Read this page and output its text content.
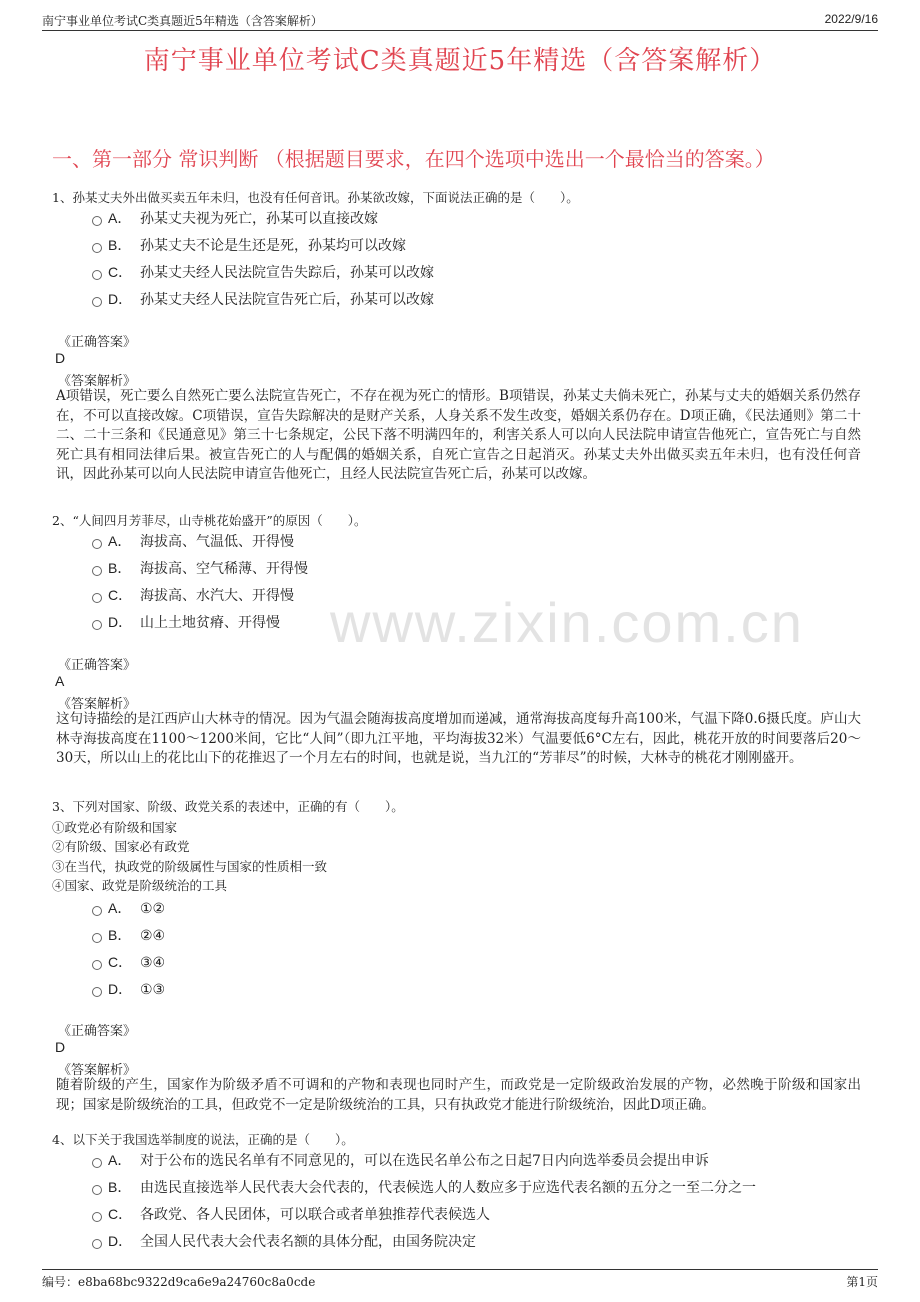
南宁事业单位考试C类真题近5年精选（含答案解析）	2022/9/16
南宁事业单位考试C类真题近5年精选（含答案解析）
一、第一部分 常识判断 （根据题目要求，在四个选项中选出一个最恰当的答案。）
www.zixin.com.cn
1、孙某丈夫外出做买卖五年未归，也没有任何音讯。孙某欲改嫁，下面说法正确的是（　　）。
A． 孙某丈夫视为死亡，孙某可以直接改嫁
B． 孙某丈夫不论是生还是死，孙某均可以改嫁
C． 孙某丈夫经人民法院宣告失踪后，孙某可以改嫁
D． 孙某丈夫经人民法院宣告死亡后，孙某可以改嫁
《正确答案》
D
《答案解析》
A项错误，死亡要么自然死亡要么法院宣告死亡，不存在视为死亡的情形。B项错误，孙某丈夫倘未死亡，孙某与丈夫的婚姻关系仍然存在，不可以直接改嫁。C项错误，宣告失踪解决的是财产关系，人身关系不发生改变，婚姻关系仍存在。D项正确，《民法通则》第二十二、二十三条和《民通意见》第三十七条规定，公民下落不明满四年的，利害关系人可以向人民法院申请宣告他死亡，宣告死亡与自然死亡具有相同法律后果。被宣告死亡的人与配偶的婚姻关系，自死亡宣告之日起消灭。孙某丈夫外出做买卖五年未归，也有没任何音讯，因此孙某可以向人民法院申请宣告他死亡，且经人民法院宣告死亡后，孙某可以改嫁。
2、“人间四月芳菲尽，山寺桃花始盛开”的原因（　　）。
A． 海拔高、气温低、开得慢
B． 海拔高、空气稀薄、开得慢
C． 海拔高、水汽大、开得慢
D． 山上土地贫瘠、开得慢
《正确答案》
A
《答案解析》
这句诗描绘的是江西庐山大林寺的情况。因为气温会随海拔高度增加而递减，通常海拔高度每升高100米，气温下降0.6摄氏度。庐山大林寺海拔高度在1100～1200米间，它比“人间”（即九江平地，平均海拔32米）气温要低6°C左右，因此，桃花开放的时间要落后20～30天，所以山上的花比山下的花推迟了一个月左右的时间，也就是说，当九江的“芳菲尽”的时候，大林寺的桃花才刚刚盛开。
3、下列对国家、阶级、政党关系的表述中，正确的有（　　）。
①政党必有阶级和国家
②有阶级、国家必有政党
③在当代，执政党的阶级属性与国家的性质相一致
④国家、政党是阶级统治的工具
A． ①②
B． ②④
C． ③④
D． ①③
《正确答案》
D
《答案解析》
随着阶级的产生，国家作为阶级矛盾不可调和的产物和表现也同时产生，而政党是一定阶级政治发展的产物，必然晚于阶级和国家出现；国家是阶级统治的工具，但政党不一定是阶级统治的工具，只有执政党才能进行阶级统治，因此D项正确。
4、以下关于我国选举制度的说法，正确的是（　　）。
A． 对于公布的选民名单有不同意见的，可以在选民名单公布之日起7日内向选举委员会提出申诉
B． 由选民直接选举人民代表大会代表的，代表候选人的人数应多于应选代表名额的五分之一至二分之一
C． 各政党、各人民团体，可以联合或者单独推荐代表候选人
D． 全国人民代表大会代表名额的具体分配，由国务院决定
编号：e8ba68bc9322d9ca6e9a24760c8a0cde	第1页
